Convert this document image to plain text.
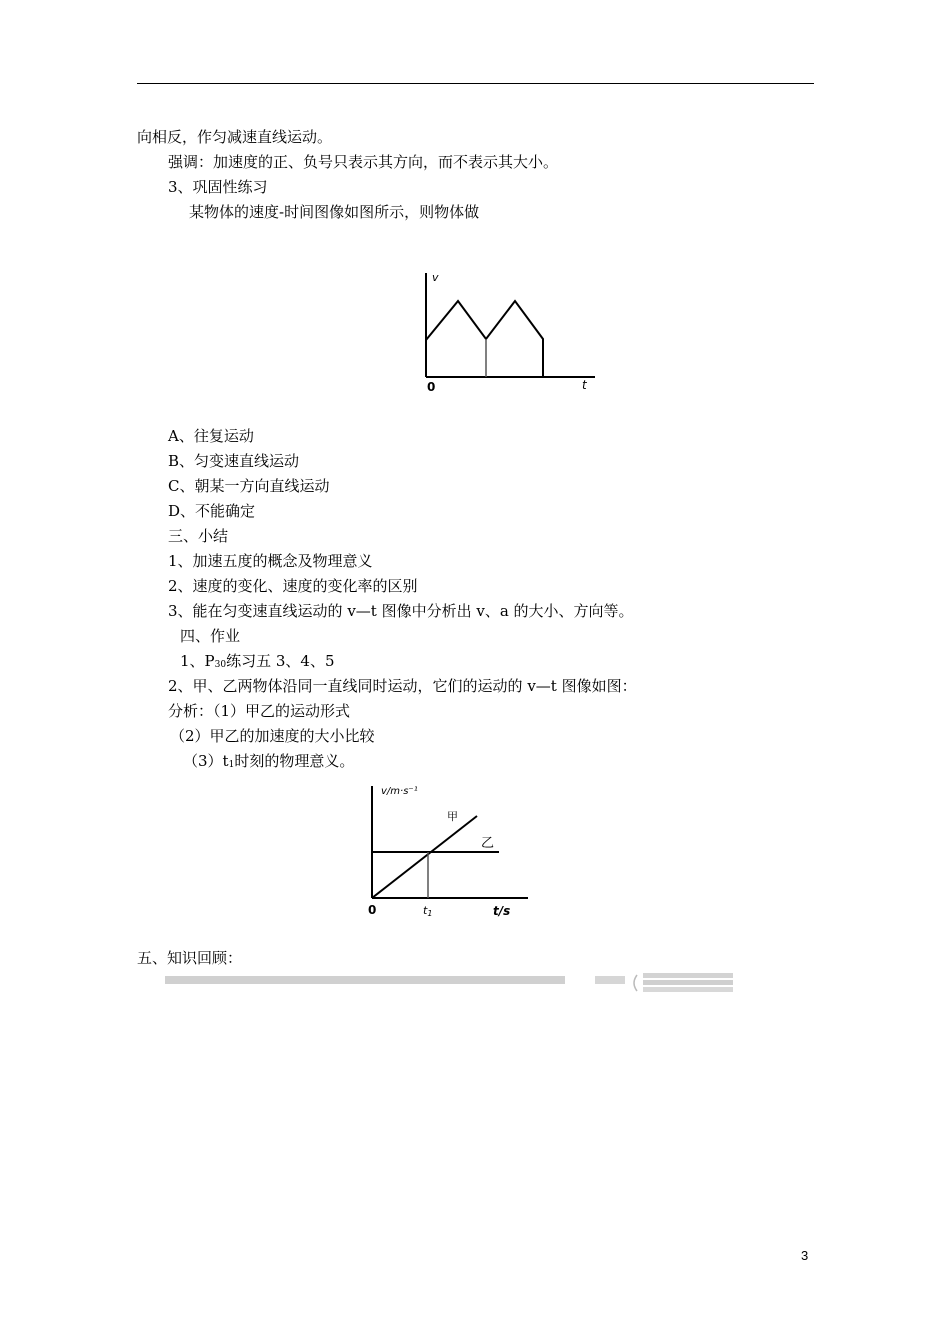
向相反，作匀减速直线运动。
强调：加速度的正、负号只表示其方向，而不表示其大小。
3、巩固性练习
某物体的速度-时间图像如图所示，则物体做
v
t
0
A、往复运动
B、匀变速直线运动
C、朝某一方向直线运动
D、不能确定
三、小结
1、加速五度的概念及物理意义
2、速度的变化、速度的变化率的区别
3、能在匀变速直线运动的 v—t 图像中分析出 v、a 的大小、方向等。
四、作业
1、P30练习五 3、4、5
2、甲、乙两物体沿同一直线同时运动，它们的运动的 v—t 图像如图：
分析：（1）甲乙的运动形式
（2）甲乙的加速度的大小比较
（3）t1时刻的物理意义。
v/m·s⁻¹
甲
乙
0	t1	t/s
五、知识回顾：
3
